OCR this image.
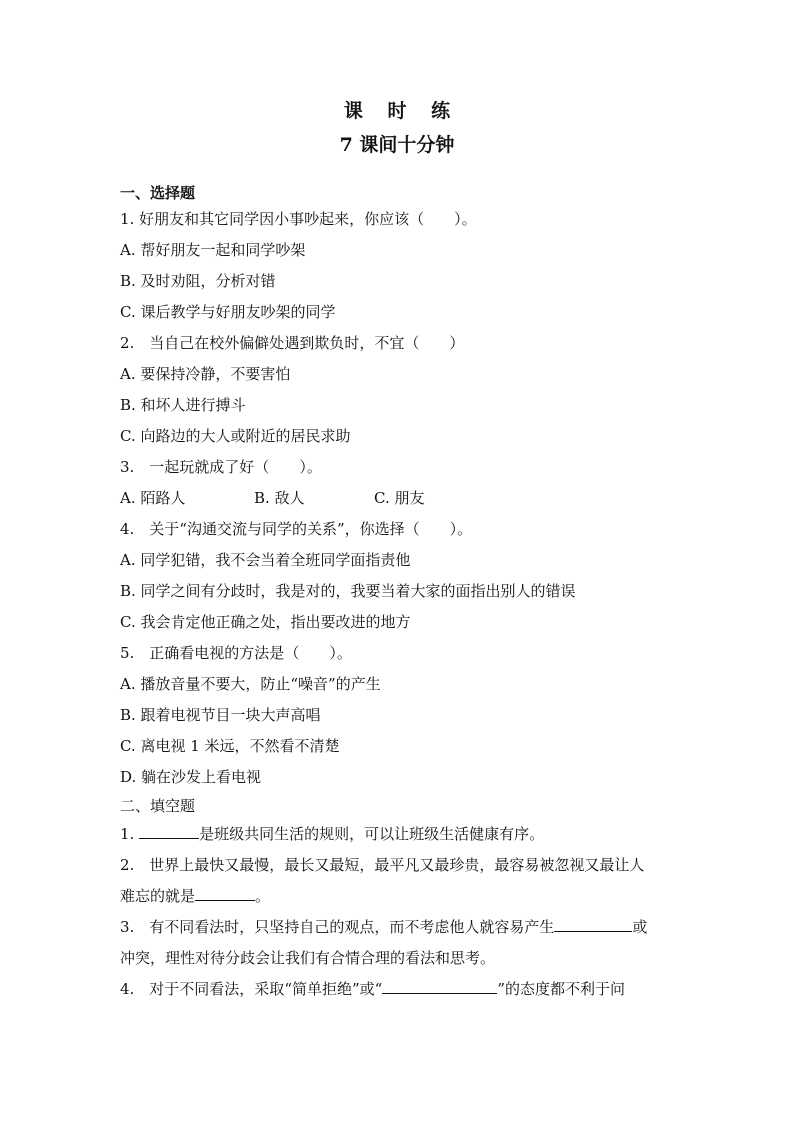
课 时 练
7 课间十分钟
一、选择题
1. 好朋友和其它同学因小事吵起来，你应该（　　）。
A. 帮好朋友一起和同学吵架
B. 及时劝阻，分析对错
C. 课后教学与好朋友吵架的同学
2.　当自己在校外偏僻处遇到欺负时，不宜（　　）
A. 要保持冷静，不要害怕
B. 和坏人进行搏斗
C. 向路边的大人或附近的居民求助
3.　一起玩就成了好（　　）。
A. 陌路人	B. 敌人	C. 朋友
4.　关于“沟通交流与同学的关系”，你选择（　　）。
A. 同学犯错，我不会当着全班同学面指责他
B. 同学之间有分歧时，我是对的，我要当着大家的面指出别人的错误
C. 我会肯定他正确之处，指出要改进的地方
5.　正确看电视的方法是（　　）。
A. 播放音量不要大，防止“噪音”的产生
B. 跟着电视节目一块大声高唱
C. 离电视 1 米远，不然看不清楚
D. 躺在沙发上看电视
二、填空题
1.	是班级共同生活的规则，可以让班级生活健康有序。
2.　世界上最快又最慢，最长又最短，最平凡又最珍贵，最容易被忽视又最让人
难忘的就是	。
3.　有不同看法时，只坚持自己的观点，而不考虑他人就容易产生	或
冲突，理性对待分歧会让我们有合情合理的看法和思考。
4.　对于不同看法，采取“简单拒绝”或“	”的态度都不利于问
